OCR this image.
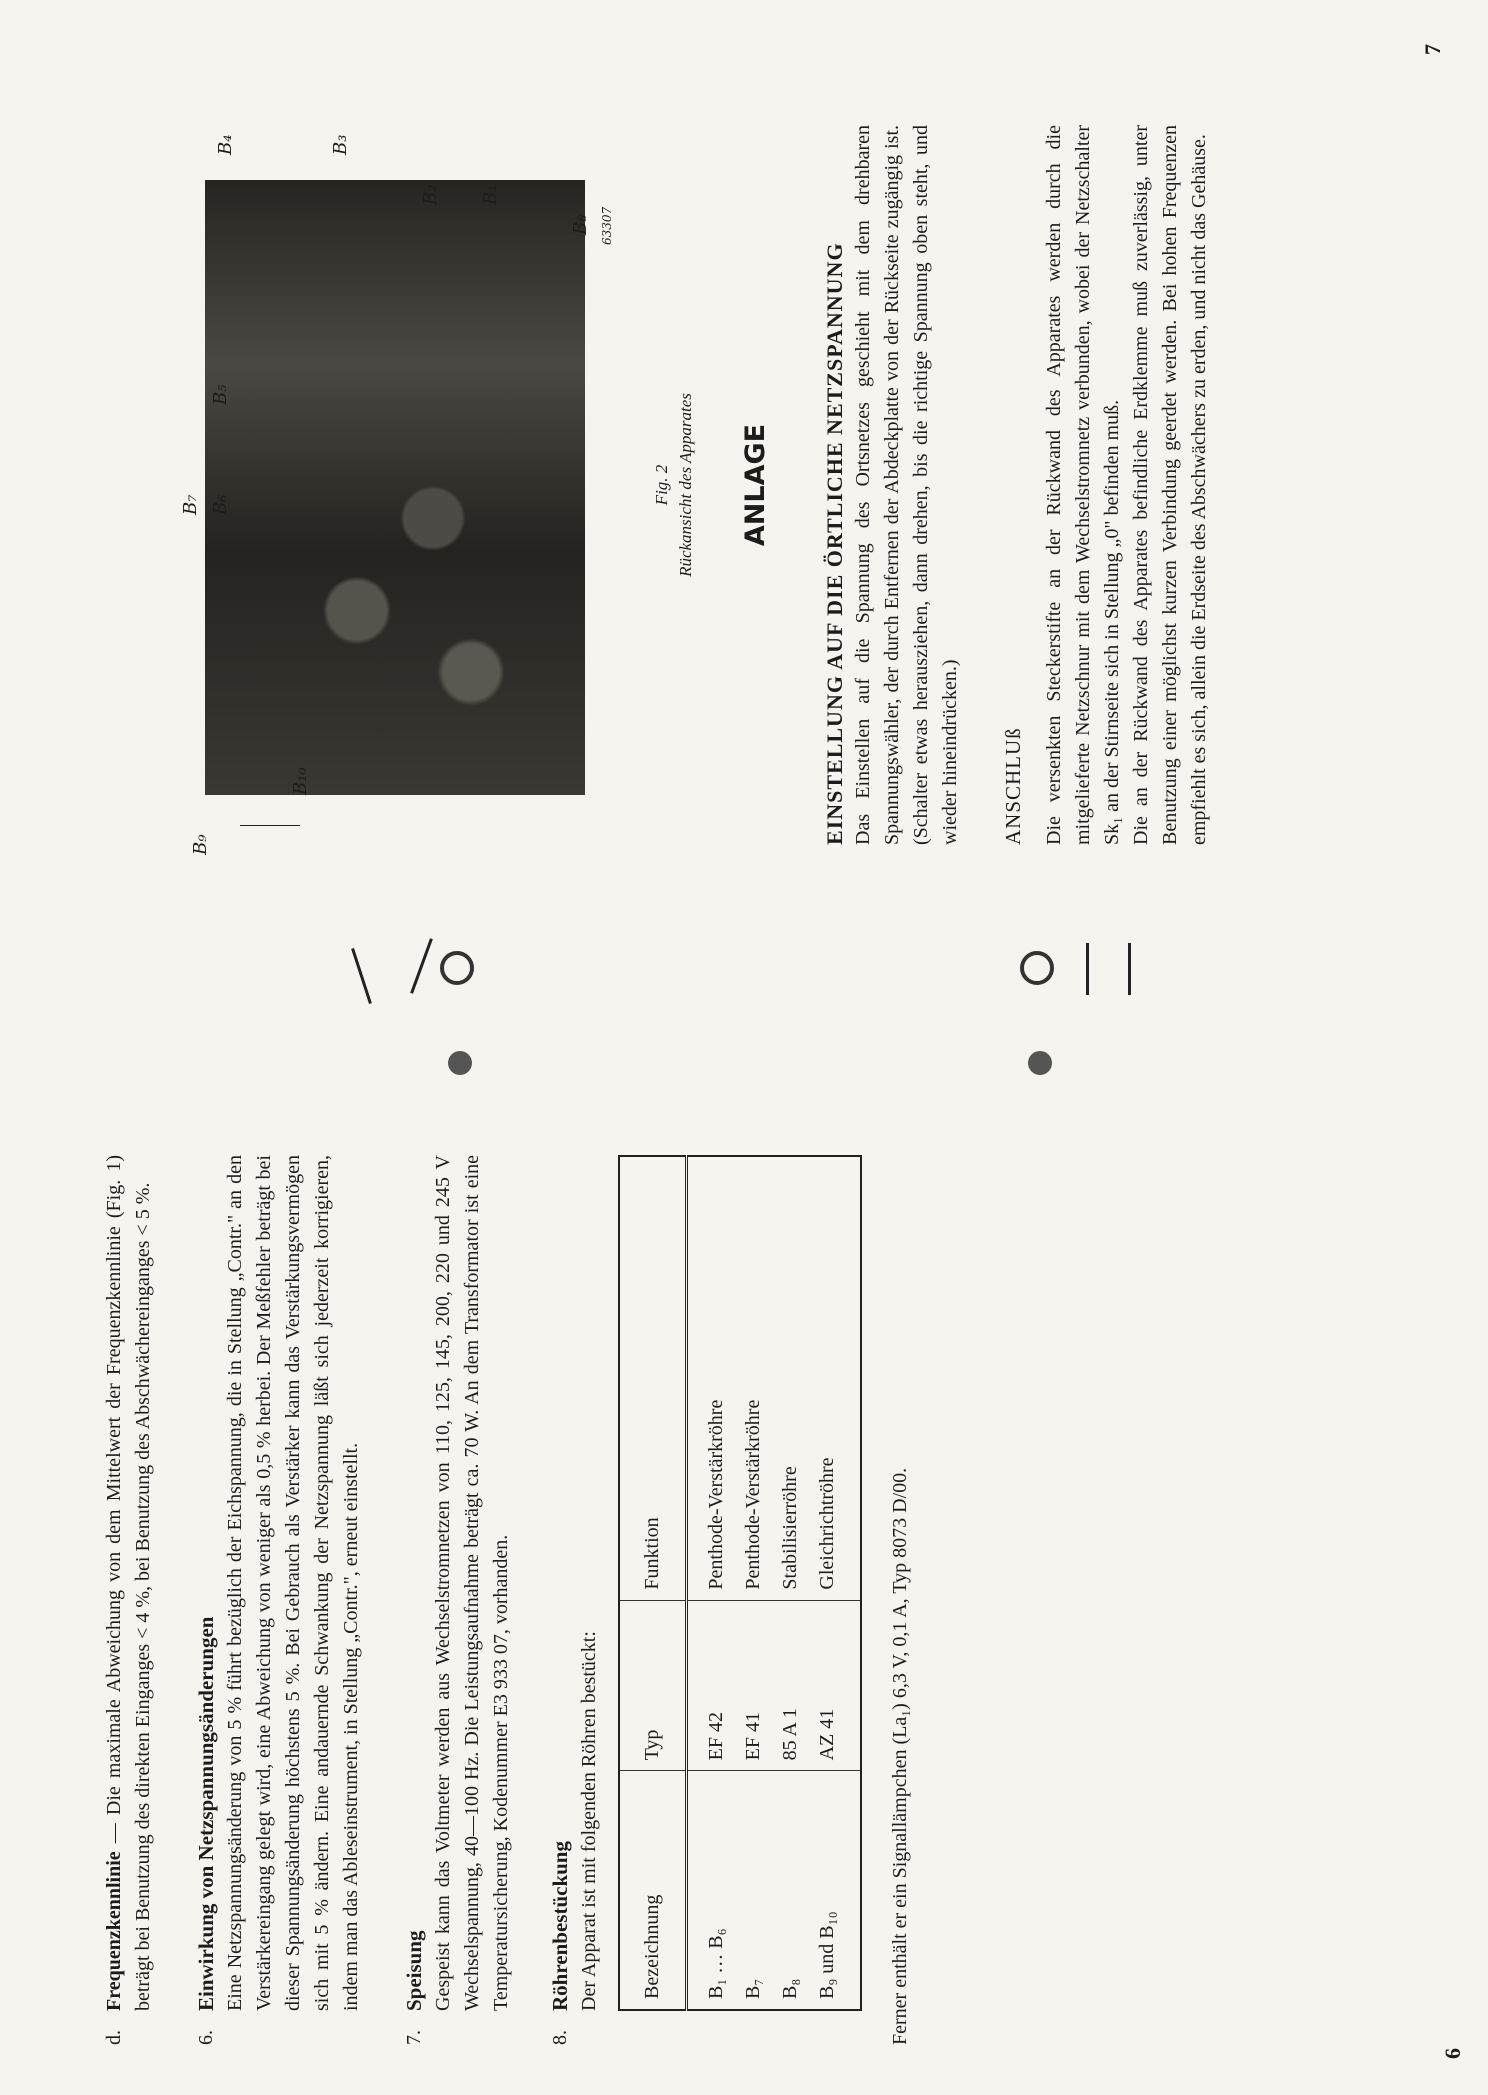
d.

Frequenzkennlinie — Die maximale Abweichung von dem Mittelwert der Frequenzkennlinie (Fig. 1) beträgt bei Benutzung des direkten Einganges < 4 %, bei Benutzung des Abschwächereinganges < 5 %.

6.

Einwirkung von Netzspannungsänderungen Eine Netzspannungsänderung von 5 % führt bezüglich der Eichspannung, die in Stellung „Contr." an den Verstärkereingang gelegt wird, eine Abweichung von weniger als 0,5 % herbei. Der Meßfehler beträgt bei dieser Spannungsänderung höchstens 5 %. Bei Gebrauch als Verstärker kann das Verstärkungsvermögen sich mit 5 % ändern. Eine andauernde Schwankung der Netzspannung läßt sich jederzeit korrigieren, indem man das Ableseinstrument, in Stellung „Contr.", erneut einstellt.

7.

Speisung Gespeist kann das Voltmeter werden aus Wechselstromnetzen von 110, 125, 145, 200, 220 und 245 V Wechselspannung, 40—100 Hz. Die Leistungsaufnahme beträgt ca. 70 W. An dem Transformator ist eine Temperatursicherung, Kodenummer E3 933 07, vorhanden.

8.

Röhrenbestückung Der Apparat ist mit folgenden Röhren bestückt: Bezeichnung	Typ	Funktion
B₁ … B₆	EF 42	Penthode-Verstärkröhre
B₇	EF 41	Penthode-Verstärkröhre
B₈	85 A 1	Stabilisierröhre
B₉ und B₁₀	AZ 41	Gleichrichtröhre	Ferner enthält er ein Signallämpchen (La₁) 6,3 V, 0,1 A, Typ 8073 D/00.

6
B₉
B₁₀
B₇ B₆
B₅
B₄	B₃
B₂ B₁
B₈ 63307
Fig. 2 Rückansicht des Apparates ANLAGE EINSTELLUNG AUF DIE ÖRTLICHE NETZSPANNUNG Das Einstellen auf die Spannung des Ortsnetzes geschieht mit dem drehbaren Spannungswähler, der durch Entfernen der Abdeckplatte von der Rückseite zugängig ist. (Schalter etwas herausziehen, dann drehen, bis die richtige Spannung oben steht, und wieder hineindrücken.) ANSCHLUß Die versenkten Steckerstifte an der Rückwand des Apparates werden durch die mitgelieferte Netzschnur mit dem Wechselstromnetz verbunden, wobei der Netzschalter Sk₁ an der Stirnseite sich in Stellung „0" befinden muß. Die an der Rückwand des Apparates befindliche Erdklemme muß zuverlässig, unter Benutzung einer möglichst kurzen Verbindung geerdet werden. Bei hohen Frequenzen empfiehlt es sich, allein die Erdseite des Abschwächers zu erden, und nicht das Gehäuse.

7
